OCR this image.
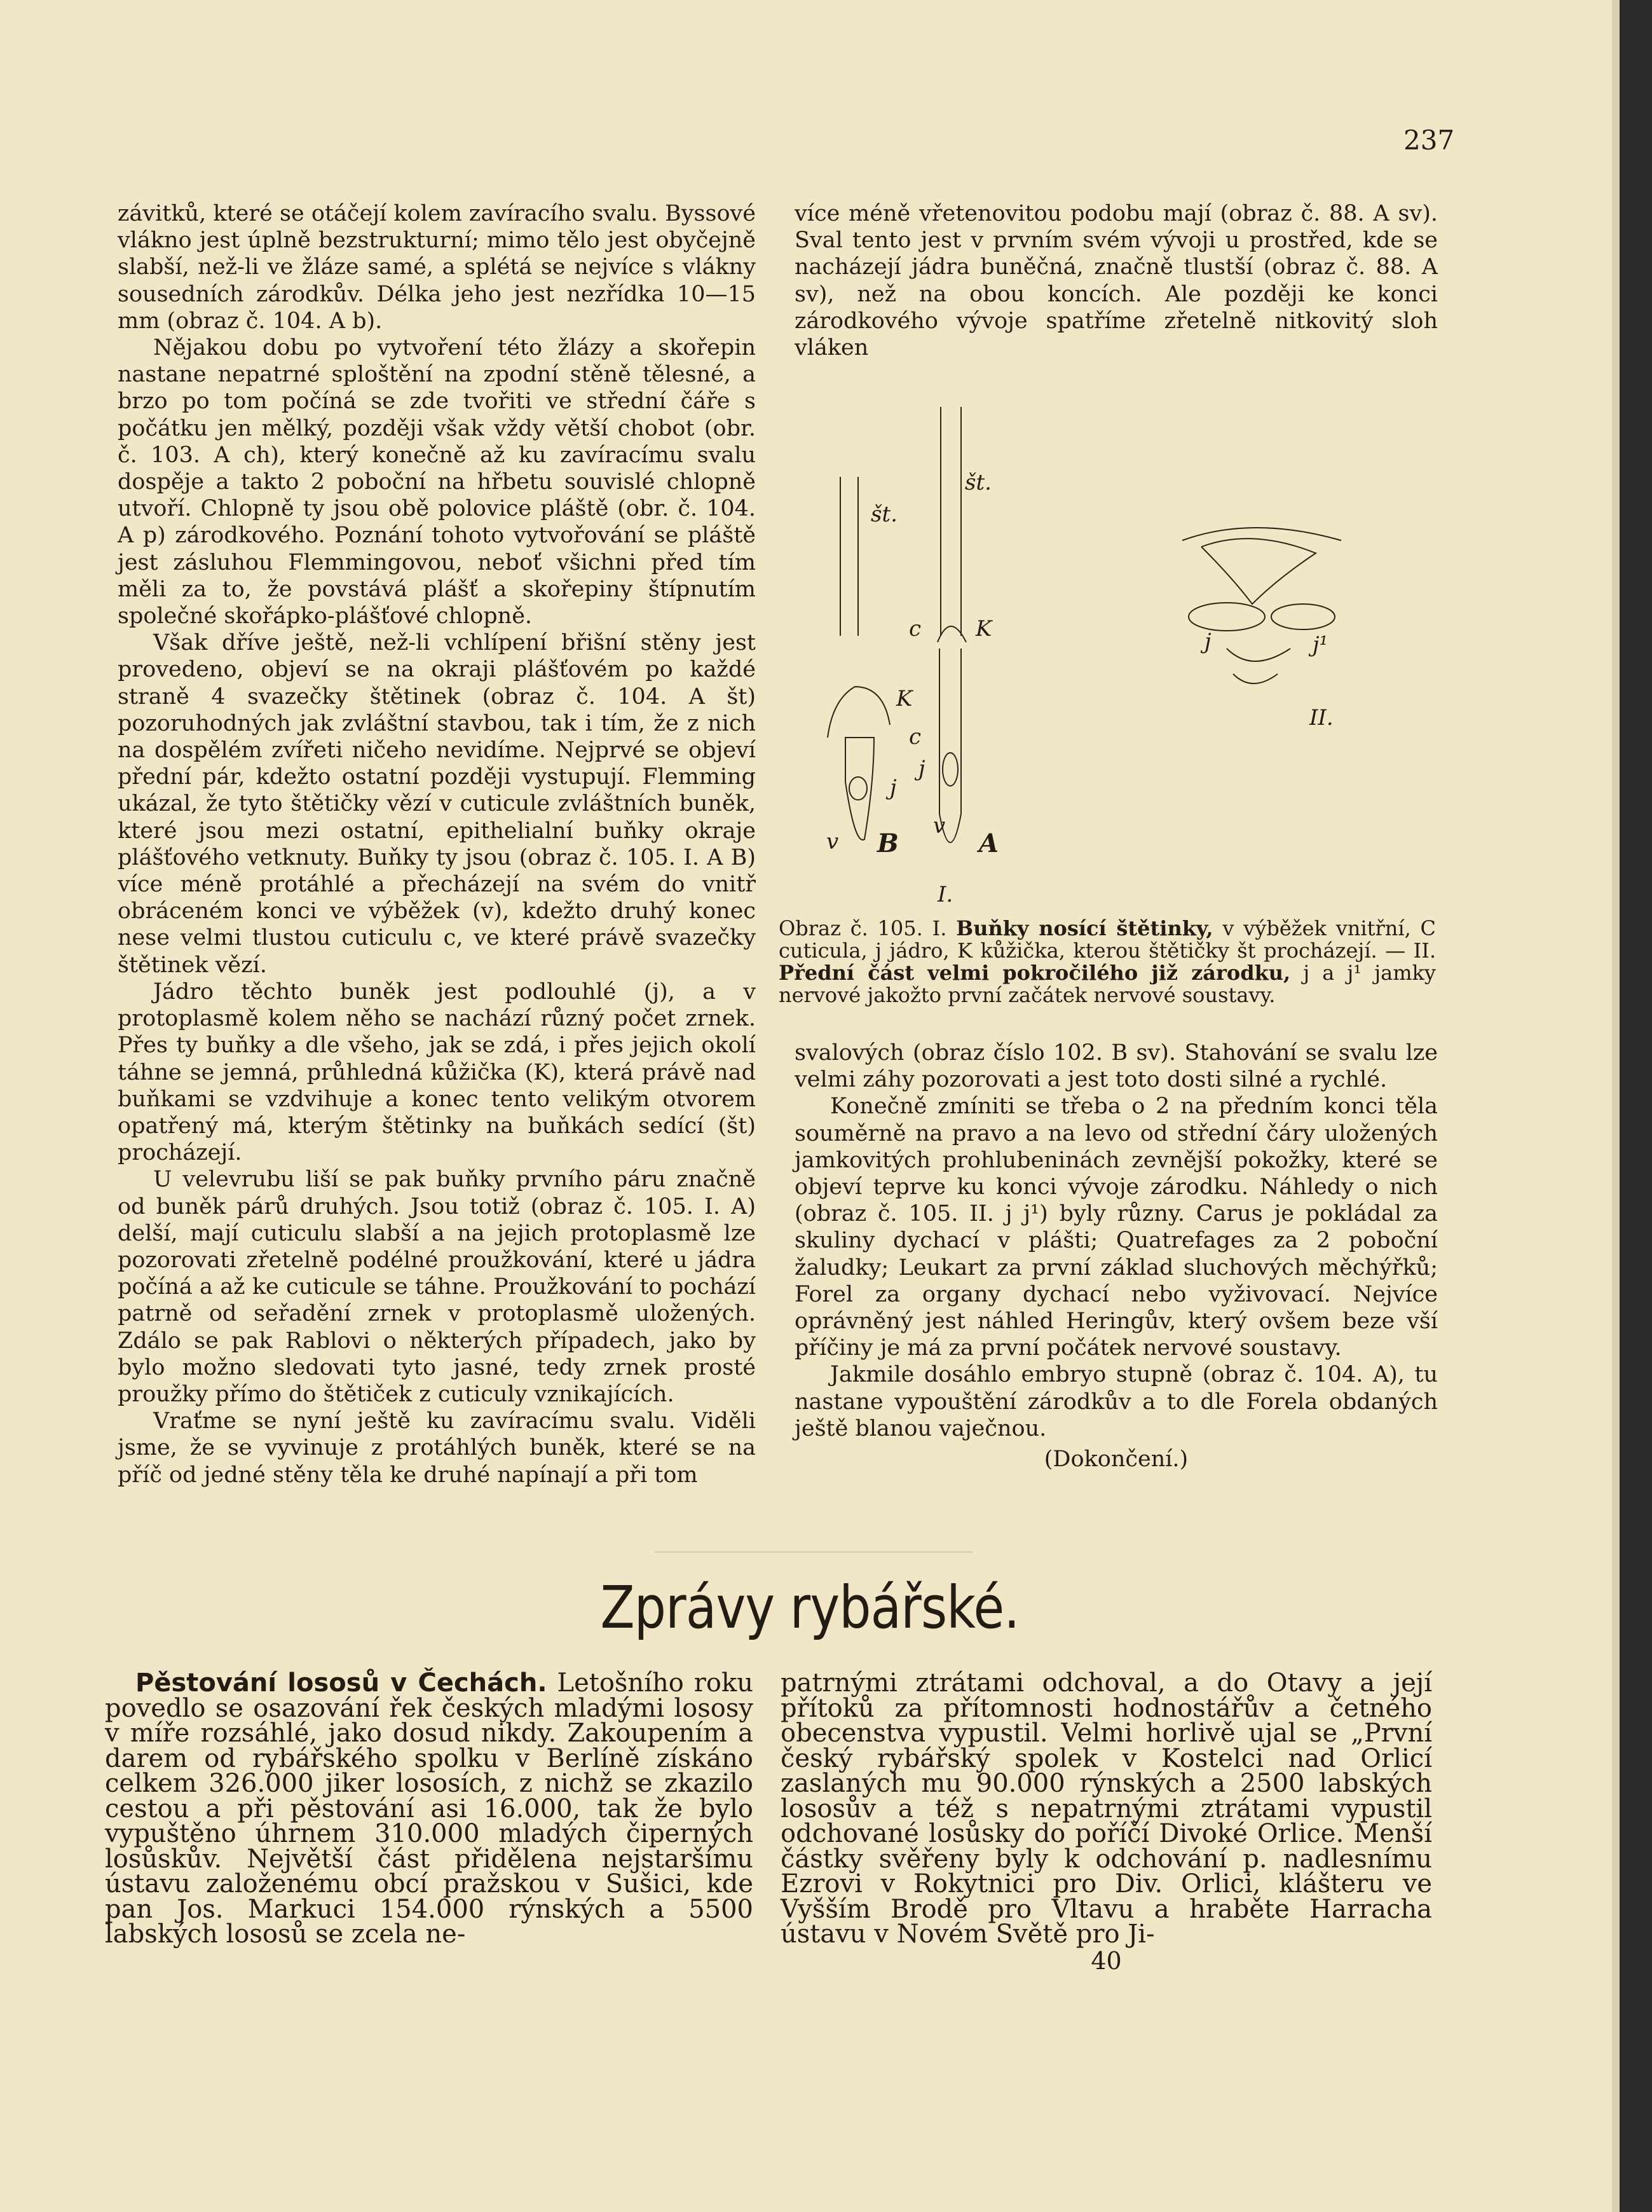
237

závitků, které se otáčejí kolem zavíracího svalu. Byssové vlákno jest úplně bezstrukturní; mimo tělo jest obyčejně slabší, než-li ve žláze samé, a splétá se nejvíce s vlákny sousedních zárodkův. Délka jeho jest nezřídka 10—15 mm (obraz č. 104. A b).

Nějakou dobu po vytvoření této žlázy a skořepin nastane nepatrné sploštění na zpodní stěně tělesné, a brzo po tom počíná se zde tvořiti ve střední čáře s počátku jen mělký, později však vždy větší chobot (obr. č. 103. A ch), který konečně až ku zavíracímu svalu dospěje a takto 2 poboční na hřbetu souvislé chlopně utvoří. Chlopně ty jsou obě polovice pláště (obr. č. 104. A p) zárodkového. Poznání tohoto vytvořování se pláště jest zásluhou Flemmingovou, neboť všichni před tím měli za to, že povstává plášť a skořepiny štípnutím společné skořápko-plášťové chlopně.

Však dříve ještě, než-li vchlípení břišní stěny jest provedeno, objeví se na okraji plášťovém po každé straně 4 svazečky štětinek (obraz č. 104. A št) pozoruhodných jak zvláštní stavbou, tak i tím, že z nich na dospělém zvířeti ničeho nevidíme. Nejprvé se objeví přední pár, kdežto ostatní později vystupují. Flemming ukázal, že tyto štětičky vězí v cuticule zvláštních buněk, které jsou mezi ostatní, epithelialní buňky okraje plášťového vetknuty. Buňky ty jsou (obraz č. 105. I. A B) více méně protáhlé a přecházejí na svém do vnitř obráceném konci ve výběžek (v), kdežto druhý konec nese velmi tlustou cuticulu c, ve které právě svazečky štětinek vězí.

Jádro těchto buněk jest podlouhlé (j), a v protoplasmě kolem něho se nachází různý počet zrnek. Přes ty buňky a dle všeho, jak se zdá, i přes jejich okolí táhne se jemná, průhledná kůžička (K), která právě nad buňkami se vzdvihuje a konec tento velikým otvorem opatřený má, kterým štětinky na buňkách sedící (št) procházejí.

U velevrubu liší se pak buňky prvního páru značně od buněk párů druhých. Jsou totiž (obraz č. 105. I. A) delší, mají cuticulu slabší a na jejich protoplasmě lze pozorovati zřetelně podélné proužkování, které u jádra počíná a až ke cuticule se táhne. Proužkování to pochází patrně od seřadění zrnek v protoplasmě uložených. Zdálo se pak Rablovi o některých případech, jako by bylo možno sledovati tyto jasné, tedy zrnek prosté proužky přímo do štětiček z cuticuly vznikajících.

Vraťme se nyní ještě ku zavíracímu svalu. Viděli jsme, že se vyvinuje z protáhlých buněk, které se na příč od jedné stěny těla ke druhé napínají a při tom

více méně vřetenovitou podobu mají (obraz č. 88. A sv). Sval tento jest v prvním svém vývoji u prostřed, kde se nacházejí jádra buněčná, značně tlustší (obraz č. 88. A sv), než na obou koncích. Ale později ke konci zárodkového vývoje spatříme zřetelně nitkovitý sloh vláken

št.
št.
K
K
c
c
j
j
v
v
B	A
j	j¹
II.
I.

Obraz č. 105. I. Buňky nosící štětinky, v výběžek vnitřní, C cuticula, j jádro, K kůžička, kterou štětičky št procházejí. — II. Přední část velmi pokročilého již zárodku, j a j¹ jamky nervové jakožto první začátek nervové soustavy.

svalových (obraz číslo 102. B sv). Stahování se svalu lze velmi záhy pozorovati a jest toto dosti silné a rychlé.

Konečně zmíniti se třeba o 2 na předním konci těla souměrně na pravo a na levo od střední čáry uložených jamkovitých prohlubeninách zevnější pokožky, které se objeví teprve ku konci vývoje zárodku. Náhledy o nich (obraz č. 105. II. j j¹) byly různy. Carus je pokládal za skuliny dychací v plášti; Quatrefages za 2 poboční žaludky; Leukart za první základ sluchových měchýřků; Forel za organy dychací nebo vyživovací. Nejvíce oprávněný jest náhled Heringův, který ovšem beze vší příčiny je má za první počátek nervové soustavy.

Jakmile dosáhlo embryo stupně (obraz č. 104. A), tu nastane vypouštění zárodkův a to dle Forela obdaných ještě blanou vaječnou.

(Dokončení.)

Zprávy rybářské.

Pěstování lososů v Čechách. Letošního roku povedlo se osazování řek českých mladými lososy v míře rozsáhlé, jako dosud nikdy. Zakoupením a darem od rybářského spolku v Berlíně získáno celkem 326.000 jiker lososích, z nichž se zkazilo cestou a při pěstování asi 16.000, tak že bylo vypuštěno úhrnem 310.000 mladých čiperných losůskův. Největší část přidělena nejstaršímu ústavu založenému obcí pražskou v Sušici, kde pan Jos. Markuci 154.000 rýnských a 5500 labských lososů se zcela ne-

patrnými ztrátami odchoval, a do Otavy a její přítoků za přítomnosti hodnostářův a četného obecenstva vypustil. Velmi horlivě ujal se „První český rybářský spolek v Kostelci nad Orlicí zaslaných mu 90.000 rýnských a 2500 labských lososův a též s nepatrnými ztrátami vypustil odchované losůsky do poříčí Divoké Orlice. Menší částky svěřeny byly k odchování p. nadlesnímu Ezrovi v Rokytnici pro Div. Orlici, klášteru ve Vyšším Brodě pro Vltavu a hraběte Harracha ústavu v Novém Světě pro Ji-

40
